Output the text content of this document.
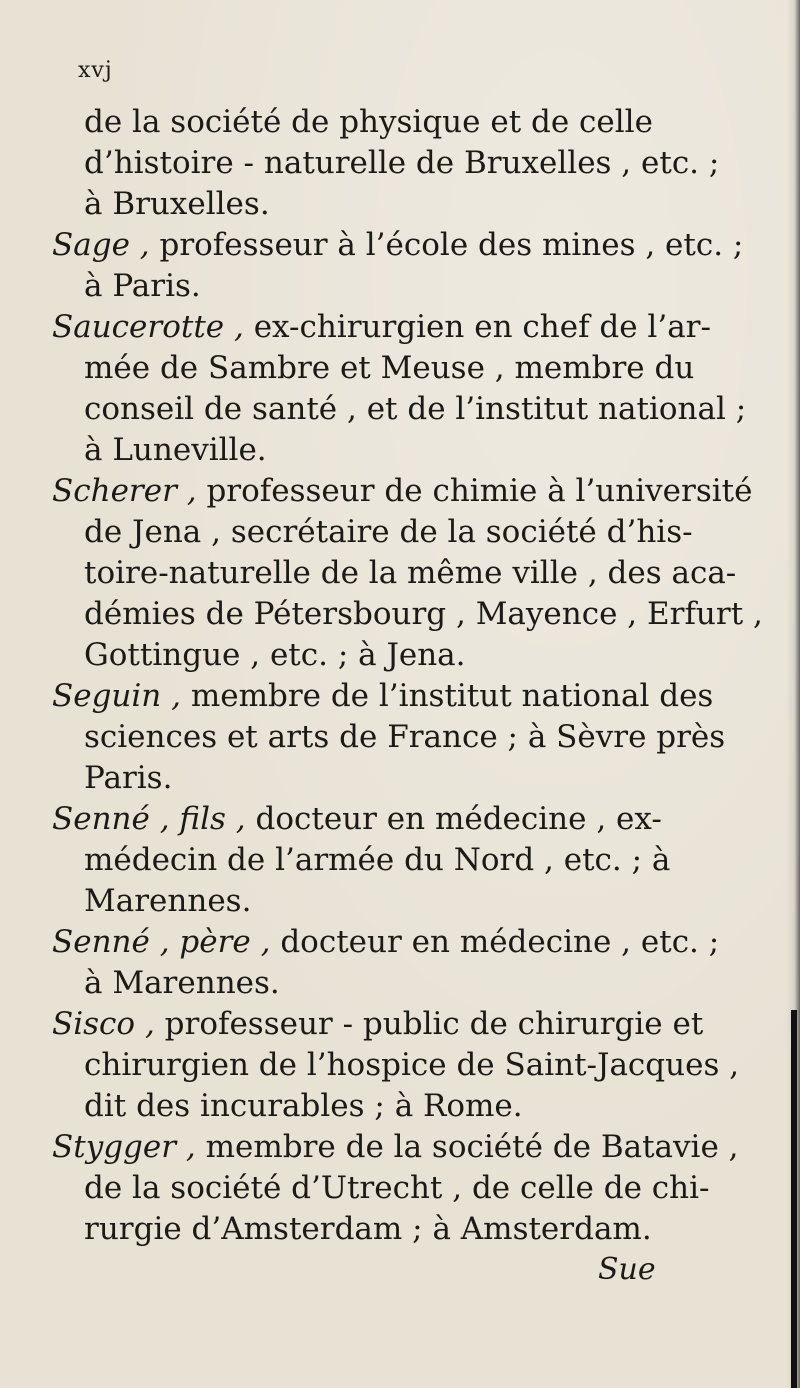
xvj
de la société de physique et de celle
d’histoire - naturelle de Bruxelles , etc. ;
à Bruxelles.
Sage , professeur à l’école des mines , etc. ;
à Paris.
Saucerotte , ex-chirurgien en chef de l’ar-
mée de Sambre et Meuse , membre du
conseil de santé , et de l’institut national ;
à Luneville.
Scherer , professeur de chimie à l’université
de Jena , secrétaire de la société d’his-
toire-naturelle de la même ville , des aca-
démies de Pétersbourg , Mayence , Erfurt ,
Gottingue , etc. ; à Jena.
Seguin , membre de l’institut national des
sciences et arts de France ; à Sèvre près
Paris.
Senné , fils , docteur en médecine , ex-
médecin de l’armée du Nord , etc. ; à
Marennes.
Senné , père , docteur en médecine , etc. ;
à Marennes.
Sisco , professeur - public de chirurgie et
chirurgien de l’hospice de Saint-Jacques ,
dit des incurables ; à Rome.
Stygger , membre de la société de Batavie ,
de la société d’Utrecht , de celle de chi-
rurgie d’Amsterdam ; à Amsterdam.
Sue
